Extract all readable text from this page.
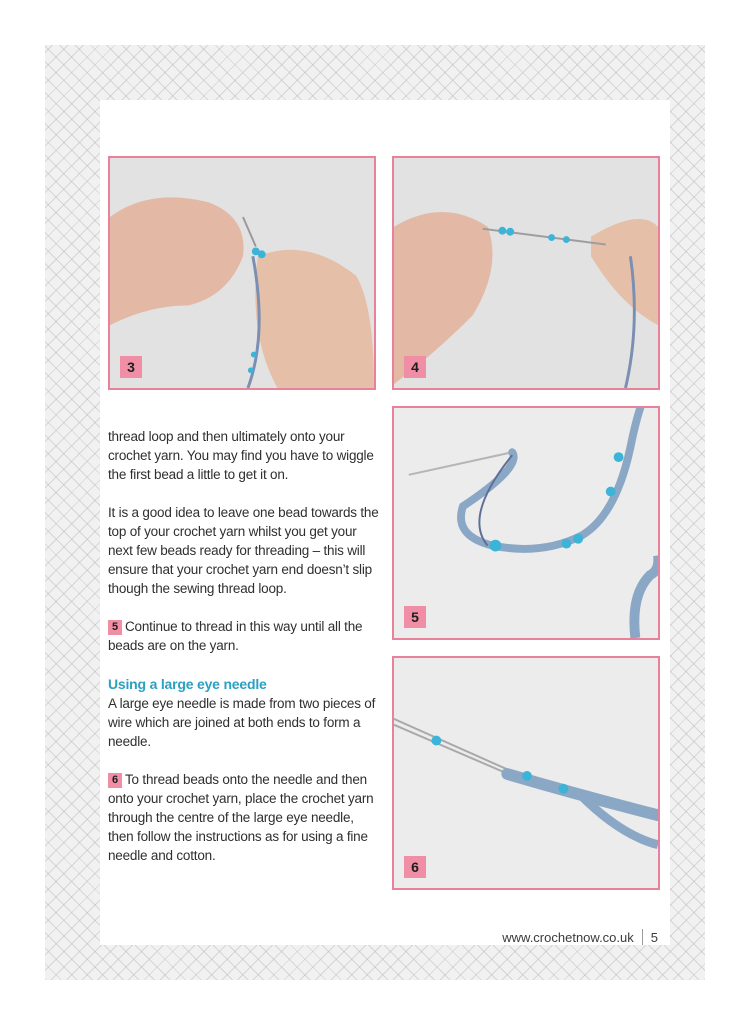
3	4
5
6

thread loop and then ultimately onto your crochet yarn. You may find you have to wiggle the first bead a little to get it on.

It is a good idea to leave one bead towards the top of your crochet yarn whilst you get your next few beads ready for threading – this will ensure that your crochet yarn end doesn’t slip though the sewing thread loop.

5 Continue to thread in this way until all the beads are on the yarn.

Using a large eye needle

A large eye needle is made from two pieces of wire which are joined at both ends to form a needle.

6 To thread beads onto the needle and then onto your crochet yarn, place the crochet yarn through the centre of the large eye needle, then follow the instructions as for using a fine needle and cotton.

www.crochetnow.co.uk 5
